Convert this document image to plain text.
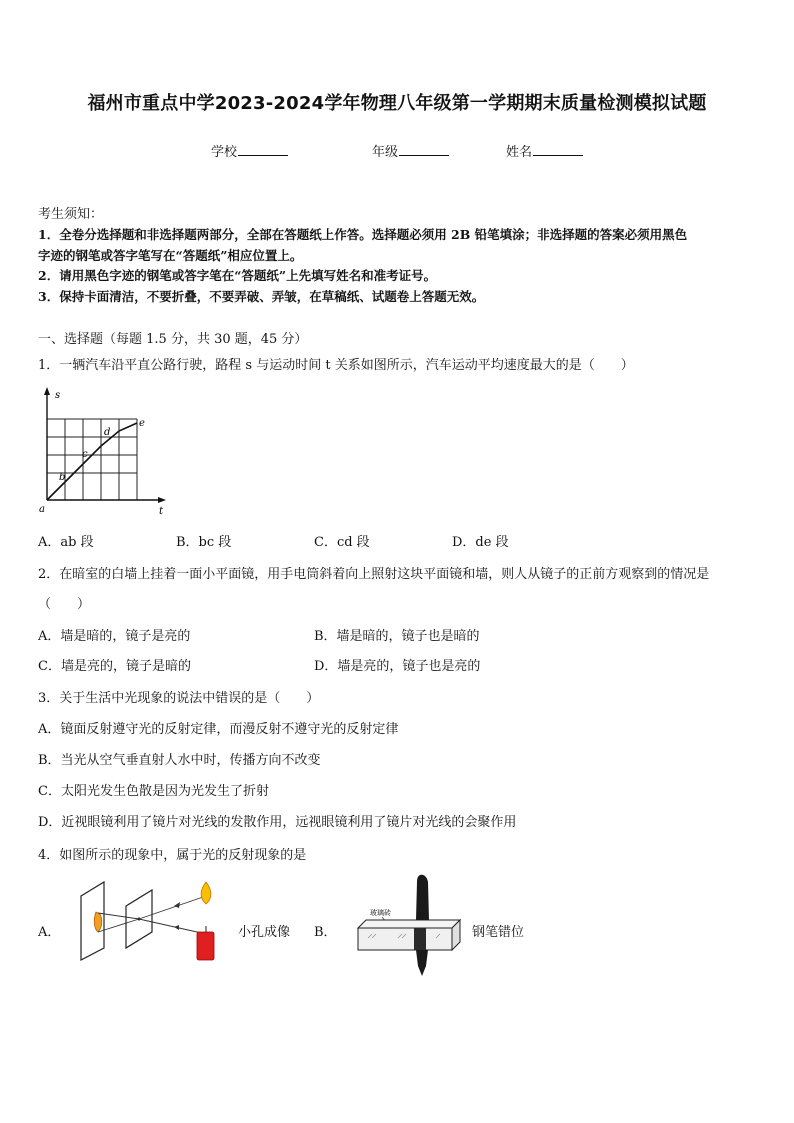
福州市重点中学2023-2024学年物理八年级第一学期期末质量检测模拟试题
学校	年级	姓名
考生须知：
1．全卷分选择题和非选择题两部分，全部在答题纸上作答。选择题必须用 2B 铅笔填涂；非选择题的答案必须用黑色
字迹的钢笔或答字笔写在“答题纸”相应位置上。
2．请用黑色字迹的钢笔或答字笔在“答题纸”上先填写姓名和准考证号。
3．保持卡面清洁，不要折叠，不要弄破、弄皱，在草稿纸、试题卷上答题无效。
一、选择题（每题 1.5 分，共 30 题，45 分）
1．一辆汽车沿平直公路行驶，路程 s 与运动时间 t 关系如图所示，汽车运动平均速度最大的是（　　）
s
t
a
b
c
d
e
A．ab 段	B．bc 段	C．cd 段	D．de 段
2．在暗室的白墙上挂着一面小平面镜，用手电筒斜着向上照射这块平面镜和墙，则人从镜子的正前方观察到的情况是
（　　）
A．墙是暗的，镜子是亮的	B．墙是暗的，镜子也是暗的
C．墙是亮的，镜子是暗的	D．墙是亮的，镜子也是亮的
3．关于生活中光现象的说法中错误的是（　　）
A．镜面反射遵守光的反射定律，而漫反射不遵守光的反射定律
B．当光从空气垂直射人水中时，传播方向不改变
C．太阳光发生色散是因为光发生了折射
D．近视眼镜利用了镜片对光线的发散作用，远视眼镜利用了镜片对光线的会聚作用
4．如图所示的现象中，属于光的反射现象的是
A．	小孔成像 B．
玻璃砖
钢笔错位
